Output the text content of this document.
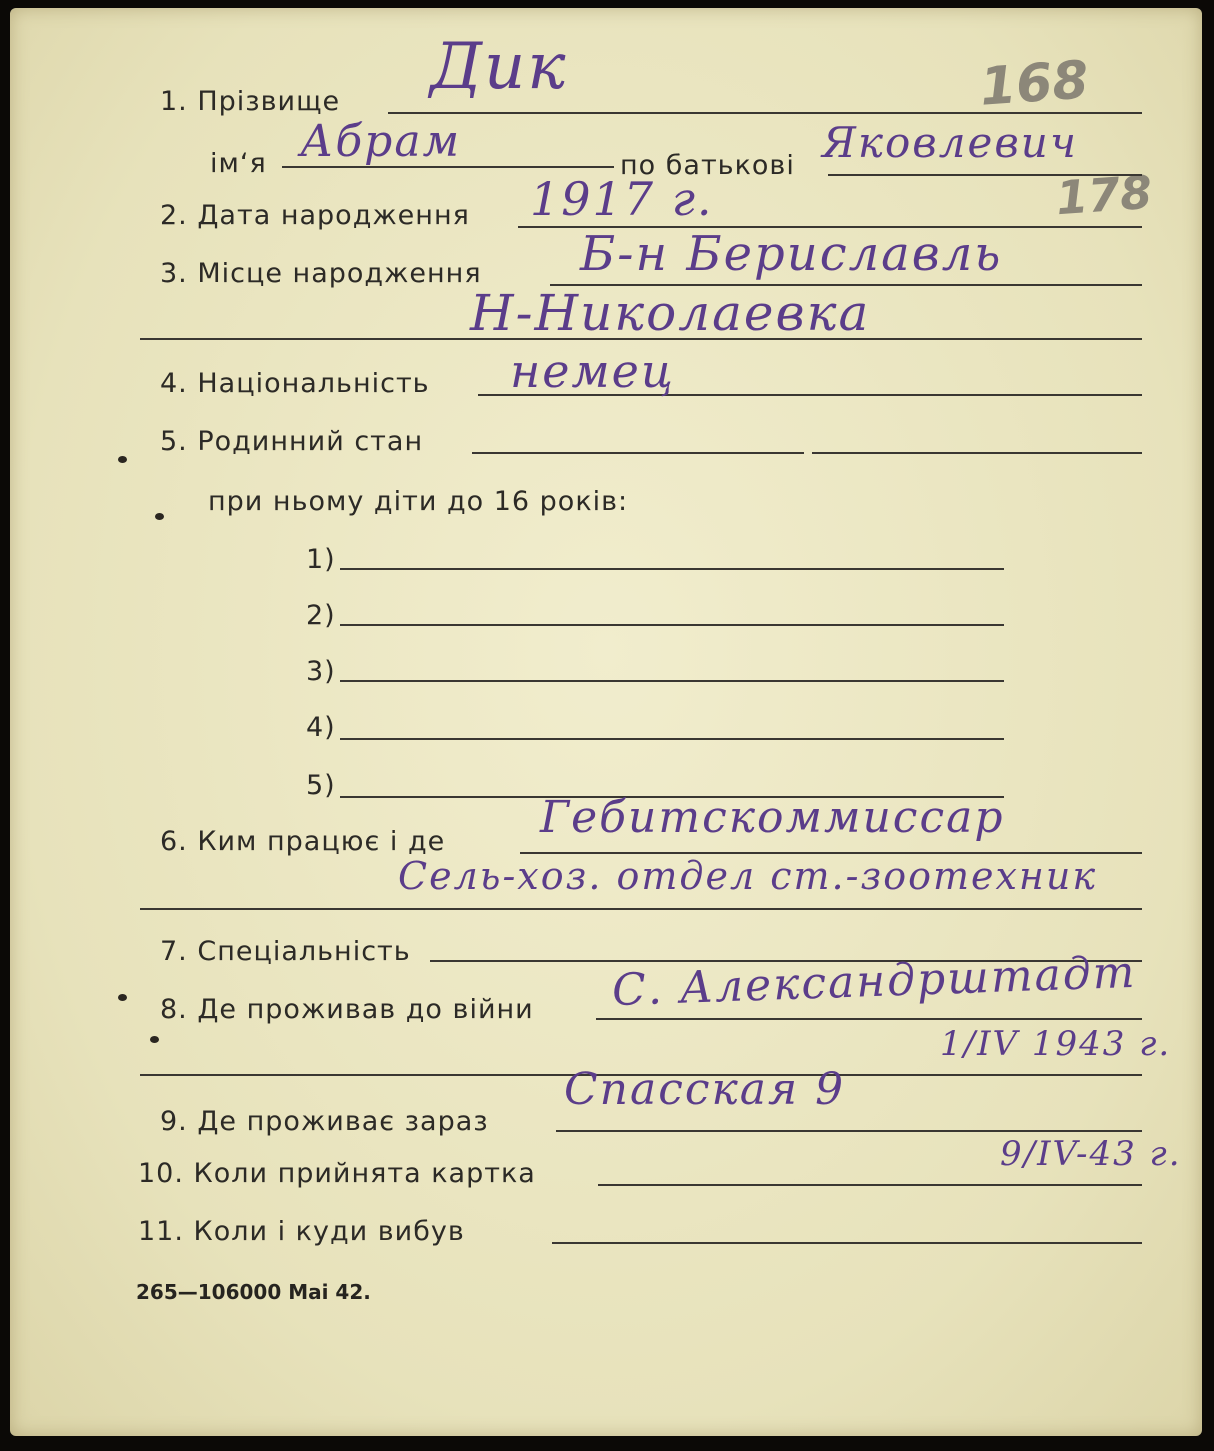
168
178
1. Прізвище Дик
ім‘я Абрам	по батькові Яковлевич
2. Дата народження 1917 г.
3. Місце народження Б-н Бериславль
Н-Николаевка
4. Національність немец
5. Родинний стан
при ньому діти до 16 років:
1)
2)
3)
4)
5)
6. Ким працює і де Гебитскоммиссар
Сель-хоз. отдел ст.-зоотехник
7. Спеціальність
8. Де проживав до війни С. Александрштадт
1/IV 1943 г.
9. Де проживає зараз
Спасская 9
10. Коли прийнята картка	9/IV-43 г.
11. Коли і куди вибув
265—106000 Mai 42.
